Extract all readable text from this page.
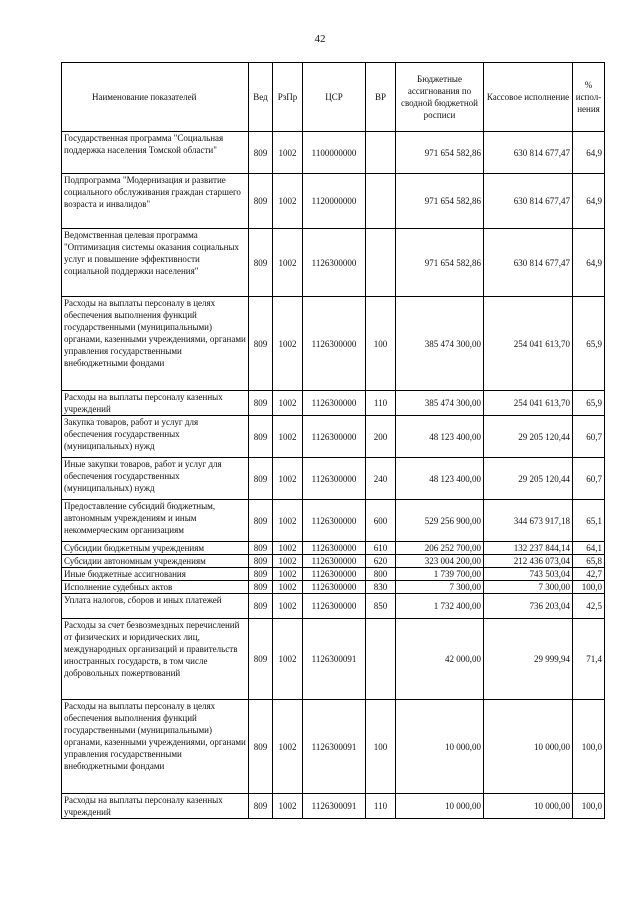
42
Наименование показателей	Вед	РзПр	ЦСР	ВР	Бюджетные ассигнования по сводной бюджетной росписи	Кассовое исполнение	% испол-нения
Государственная программа "Социальная поддержка населения Томской области"	809	1002	1100000000		971 654 582,86	630 814 677,47	64,9
Подпрограмма "Модернизация и развитие социального обслуживания граждан старшего возраста и инвалидов"	809	1002	1120000000		971 654 582,86	630 814 677,47	64,9
Ведомственная целевая программа "Оптимизация системы оказания социальных услуг и повышение эффективности социальной поддержки населения"	809	1002	1126300000		971 654 582,86	630 814 677,47	64,9
Расходы на выплаты персоналу в целях обеспечения выполнения функций государственными (муниципальными) органами, казенными учреждениями, органами управления государственными внебюджетными фондами	809	1002	1126300000	100	385 474 300,00	254 041 613,70	65,9
Расходы на выплаты персоналу казенных учреждений	809	1002	1126300000	110	385 474 300,00	254 041 613,70	65,9
Закупка товаров, работ и услуг для обеспечения государственных (муниципальных) нужд	809	1002	1126300000	200	48 123 400,00	29 205 120,44	60,7
Иные закупки товаров, работ и услуг для обеспечения государственных (муниципальных) нужд	809	1002	1126300000	240	48 123 400,00	29 205 120,44	60,7
Предоставление субсидий бюджетным, автономным учреждениям и иным некоммерческим организациям	809	1002	1126300000	600	529 256 900,00	344 673 917,18	65,1
Субсидии бюджетным учреждениям	809	1002	1126300000	610	206 252 700,00	132 237 844,14	64,1
Субсидии автономным учреждениям	809	1002	1126300000	620	323 004 200,00	212 436 073,04	65,8
Иные бюджетные ассигнования	809	1002	1126300000	800	1 739 700,00	743 503,04	42,7
Исполнение судебных актов	809	1002	1126300000	830	7 300,00	7 300,00	100,0
Уплата налогов, сборов и иных платежей	809	1002	1126300000	850	1 732 400,00	736 203,04	42,5
Расходы за счет безвозмездных перечислений от физических и юридических лиц, международных организаций и правительств иностранных государств, в том числе добровольных пожертвований	809	1002	1126300091		42 000,00	29 999,94	71,4
Расходы на выплаты персоналу в целях обеспечения выполнения функций государственными (муниципальными) органами, казенными учреждениями, органами управления государственными внебюджетными фондами	809	1002	1126300091	100	10 000,00	10 000,00	100,0
Расходы на выплаты персоналу казенных учреждений	809	1002	1126300091	110	10 000,00	10 000,00	100,0
